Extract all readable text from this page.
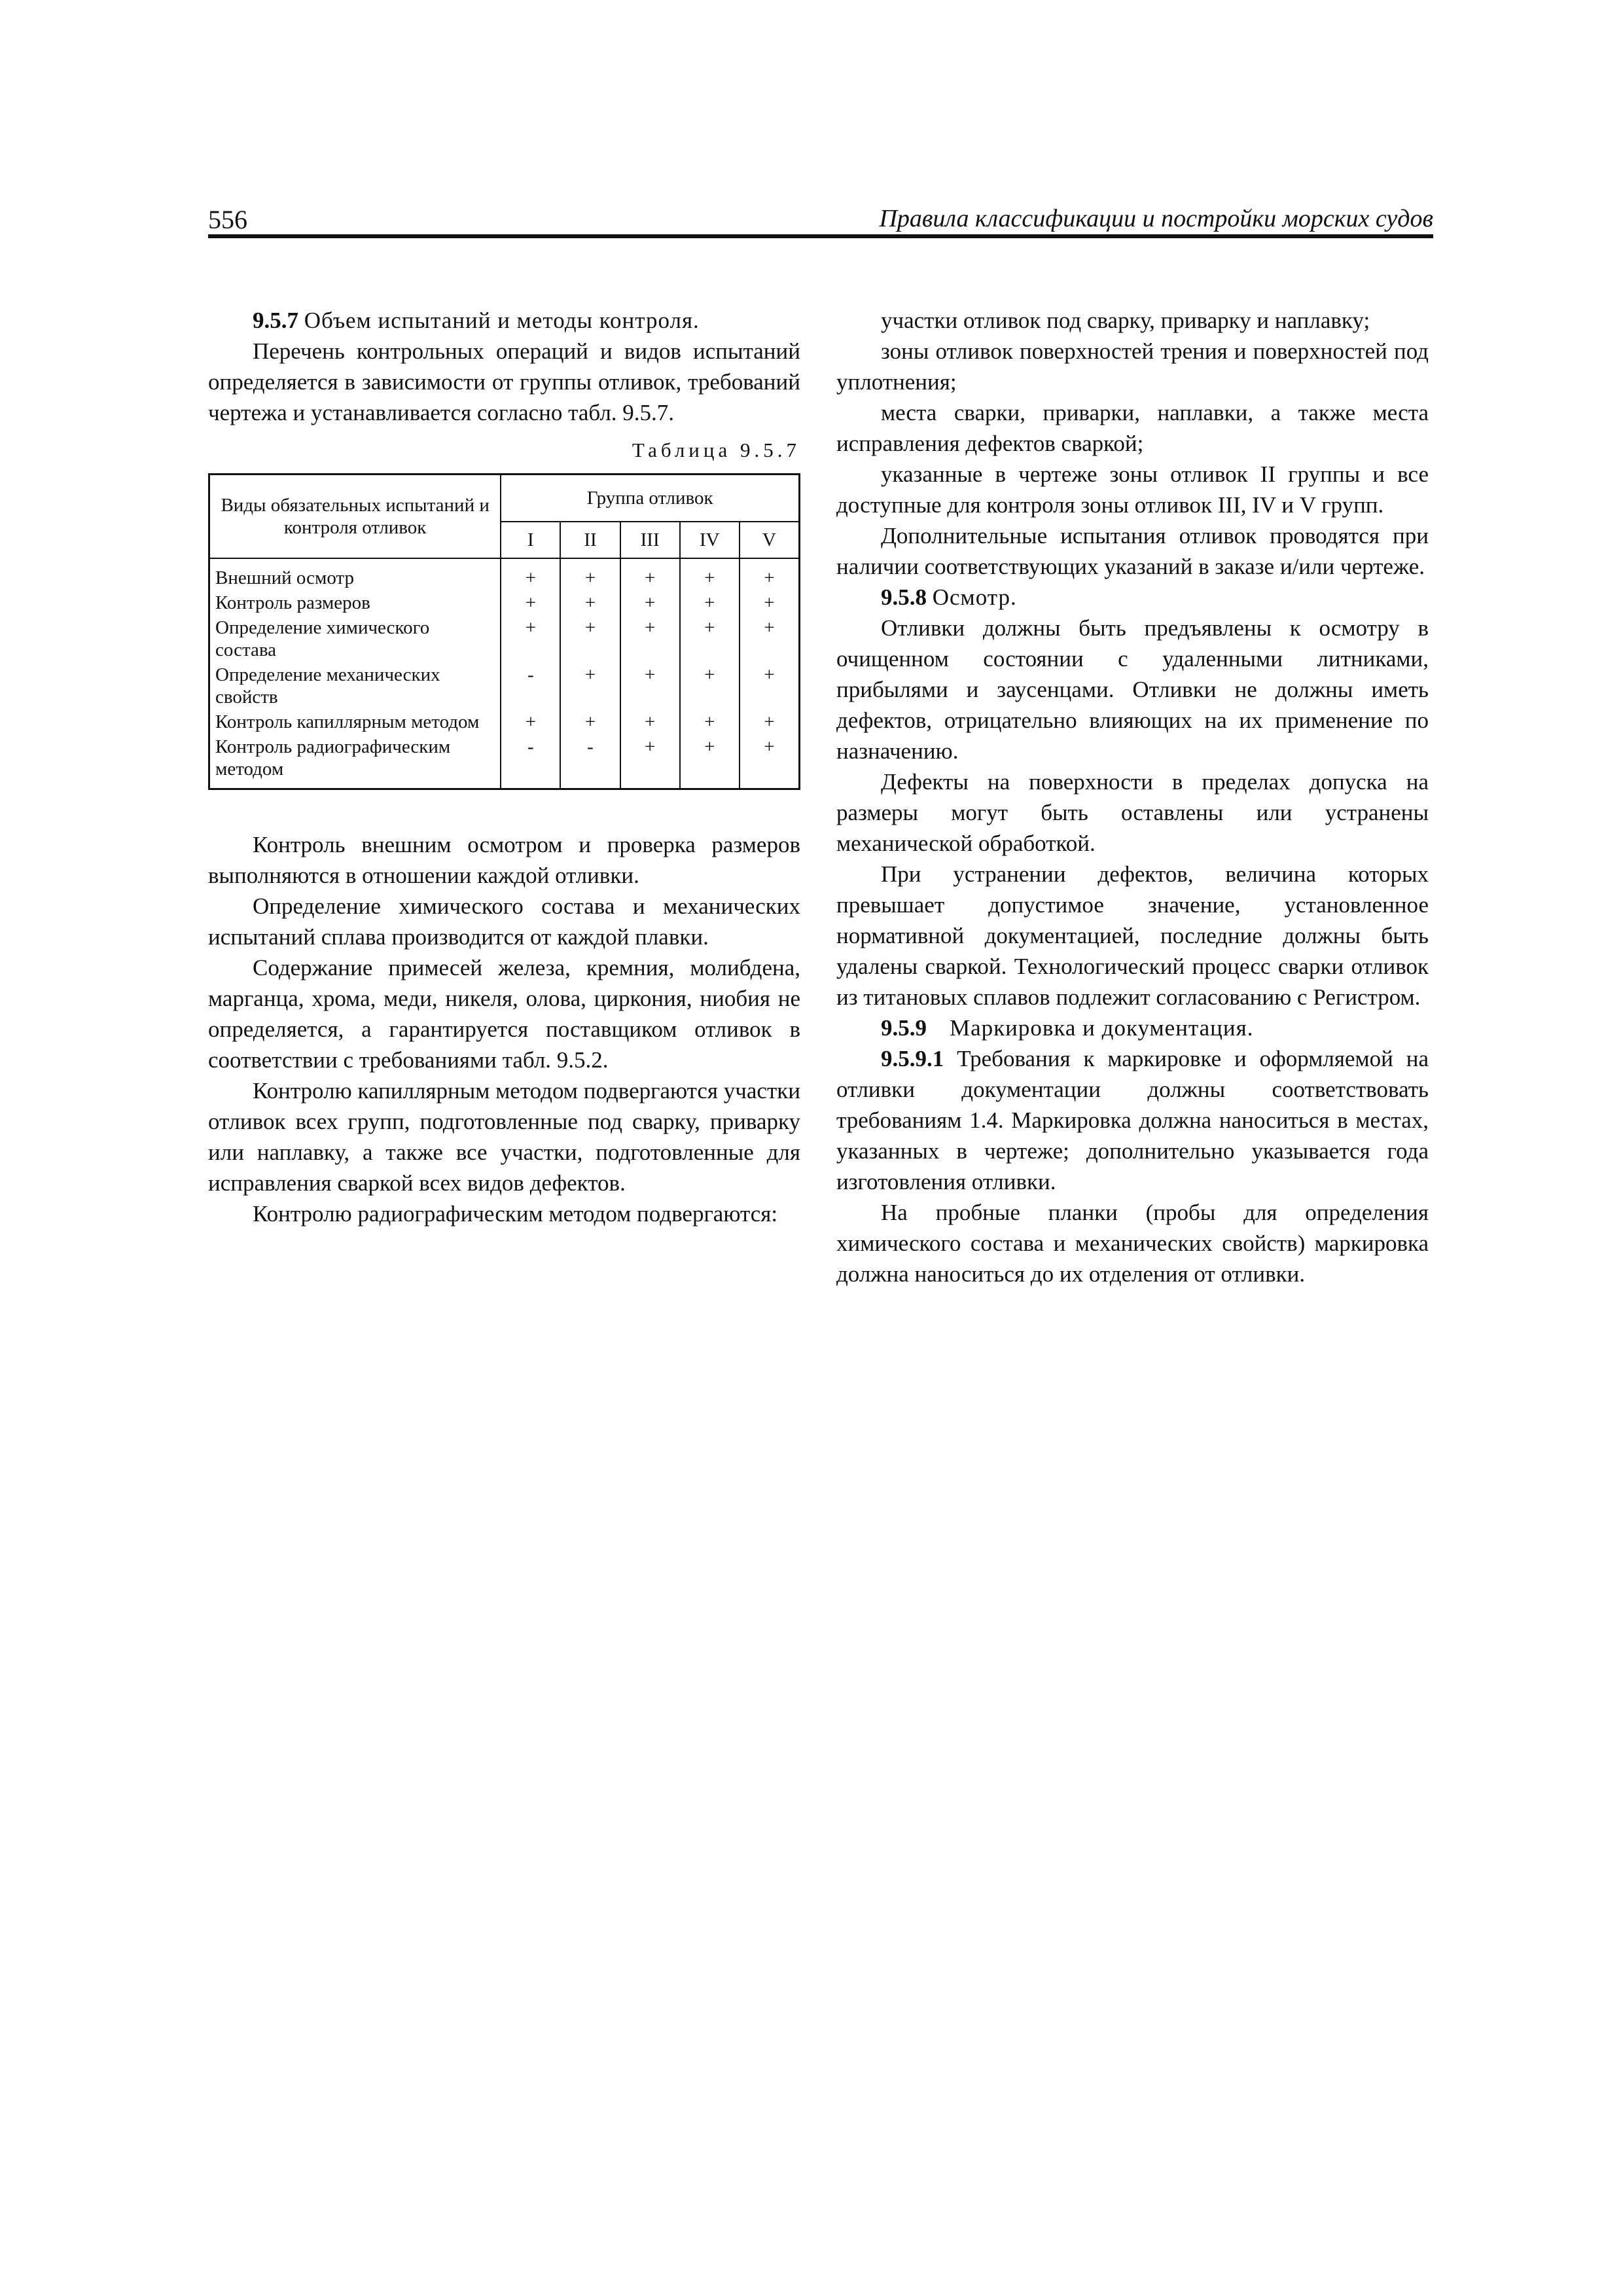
556	Правила классификации и постройки морских судов

9.5.7 Объем испытаний и методы контроля.

Перечень контрольных операций и видов испытаний определяется в зависимости от группы отливок, требований чертежа и устанавливается согласно табл. 9.5.7.

Таблица 9.5.7
Виды обязательных испытаний и контроля отливок	Группа отливок				
	I	II	III	IV	V
Внешний осмотр	+	+	+	+	+
Контроль размеров	+	+	+	+	+
Определение химического состава	+	+	+	+	+
Определение механических свойств	-	+	+	+	+
Контроль капиллярным методом	+	+	+	+	+
Контроль радиографическим методом	-	-	+	+	+

Контроль внешним осмотром и проверка размеров выполняются в отношении каждой отливки.

Определение химического состава и механических испытаний сплава производится от каждой плавки.

Содержание примесей железа, кремния, молибдена, марганца, хрома, меди, никеля, олова, циркония, ниобия не определяется, а гарантируется поставщиком отливок в соответствии с требованиями табл. 9.5.2.

Контролю капиллярным методом подвергаются участки отливок всех групп, подготовленные под сварку, приварку или наплавку, а также все участки, подготовленные для исправления сваркой всех видов дефектов.

Контролю радиографическим методом подвергаются:

участки отливок под сварку, приварку и наплавку;

зоны отливок поверхностей трения и поверхностей под уплотнения;

места сварки, приварки, наплавки, а также места исправления дефектов сваркой;

указанные в чертеже зоны отливок II группы и все доступные для контроля зоны отливок III, IV и V групп.

Дополнительные испытания отливок проводятся при наличии соответствующих указаний в заказе и/или чертеже.

9.5.8 Осмотр.

Отливки должны быть предъявлены к осмотру в очищенном состоянии с удаленными литниками, прибылями и заусенцами. Отливки не должны иметь дефектов, отрицательно влияющих на их применение по назначению.

Дефекты на поверхности в пределах допуска на размеры могут быть оставлены или устранены механической обработкой.

При устранении дефектов, величина которых превышает допустимое значение, установленное нормативной документацией, последние должны быть удалены сваркой. Технологический процесс сварки отливок из титановых сплавов подлежит согласованию с Регистром.

9.5.9 Маркировка и документация.

9.5.9.1 Требования к маркировке и оформляемой на отливки документации должны соответствовать требованиям 1.4. Маркировка должна наноситься в местах, указанных в чертеже; дополнительно указывается года изготовления отливки.

На пробные планки (пробы для определения химического состава и механических свойств) маркировка должна наноситься до их отделения от отливки.
